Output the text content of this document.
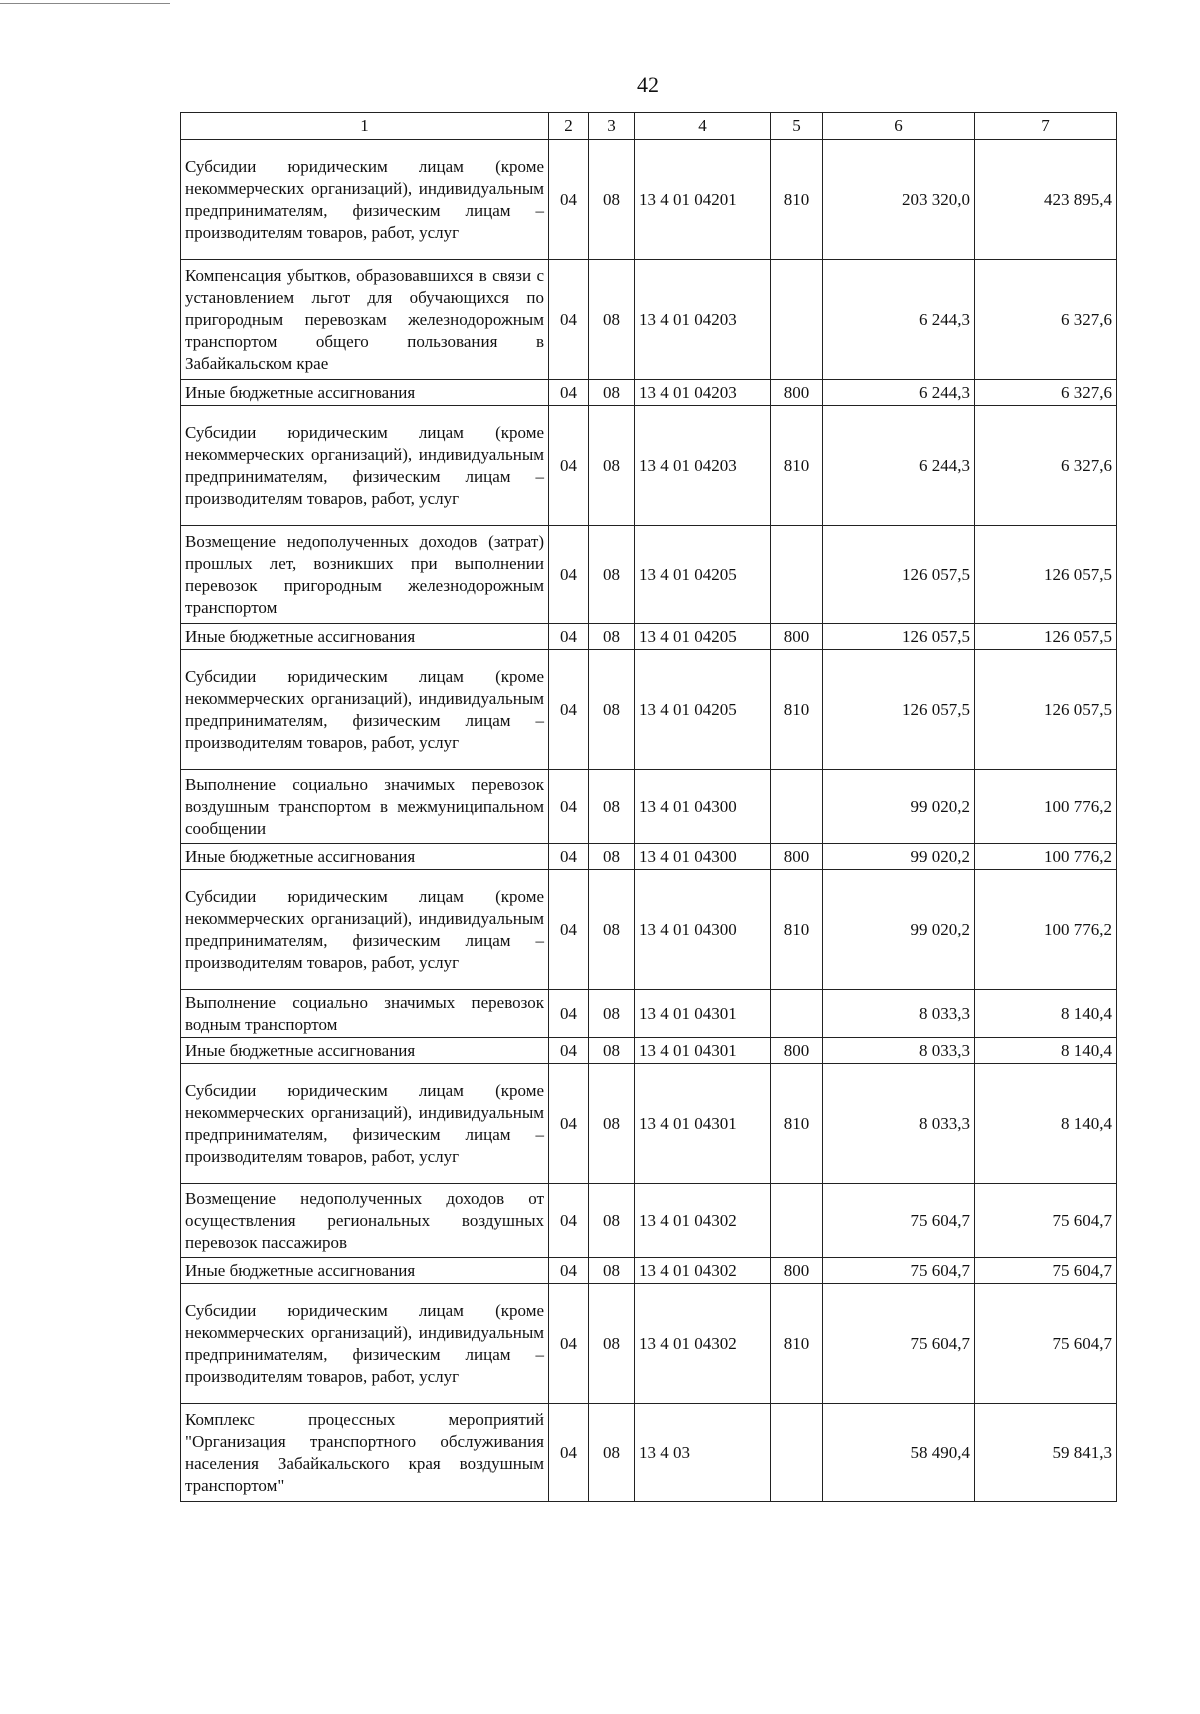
42
1	2	3	4	5	6	7
Субсидии юридическим лицам (кроме некоммерческих организаций), индивидуальным предпринимателям, физическим лицам – производителям товаров, работ, услуг	04	08	13 4 01 04201	810	203 320,0	423 895,4
Компенсация убытков, образовавшихся в связи с установлением льгот для обучающихся по пригородным перевозкам железнодорожным транспортом общего пользования в Забайкальском крае	04	08	13 4 01 04203		6 244,3	6 327,6
Иные бюджетные ассигнования	04	08	13 4 01 04203	800	6 244,3	6 327,6
Субсидии юридическим лицам (кроме некоммерческих организаций), индивидуальным предпринимателям, физическим лицам – производителям товаров, работ, услуг	04	08	13 4 01 04203	810	6 244,3	6 327,6
Возмещение недополученных доходов (затрат) прошлых лет, возникших при выполнении перевозок пригородным железнодорожным транспортом	04	08	13 4 01 04205		126 057,5	126 057,5
Иные бюджетные ассигнования	04	08	13 4 01 04205	800	126 057,5	126 057,5
Субсидии юридическим лицам (кроме некоммерческих организаций), индивидуальным предпринимателям, физическим лицам – производителям товаров, работ, услуг	04	08	13 4 01 04205	810	126 057,5	126 057,5
Выполнение социально значимых перевозок воздушным транспортом в межмуниципальном сообщении	04	08	13 4 01 04300		99 020,2	100 776,2
Иные бюджетные ассигнования	04	08	13 4 01 04300	800	99 020,2	100 776,2
Субсидии юридическим лицам (кроме некоммерческих организаций), индивидуальным предпринимателям, физическим лицам – производителям товаров, работ, услуг	04	08	13 4 01 04300	810	99 020,2	100 776,2
Выполнение социально значимых перевозок водным транспортом	04	08	13 4 01 04301		8 033,3	8 140,4
Иные бюджетные ассигнования	04	08	13 4 01 04301	800	8 033,3	8 140,4
Субсидии юридическим лицам (кроме некоммерческих организаций), индивидуальным предпринимателям, физическим лицам – производителям товаров, работ, услуг	04	08	13 4 01 04301	810	8 033,3	8 140,4
Возмещение недополученных доходов от осуществления региональных воздушных перевозок пассажиров	04	08	13 4 01 04302		75 604,7	75 604,7
Иные бюджетные ассигнования	04	08	13 4 01 04302	800	75 604,7	75 604,7
Субсидии юридическим лицам (кроме некоммерческих организаций), индивидуальным предпринимателям, физическим лицам – производителям товаров, работ, услуг	04	08	13 4 01 04302	810	75 604,7	75 604,7
Комплекс процессных мероприятий "Организация транспортного обслуживания населения Забайкальского края воздушным транспортом"	04	08	13 4 03		58 490,4	59 841,3
